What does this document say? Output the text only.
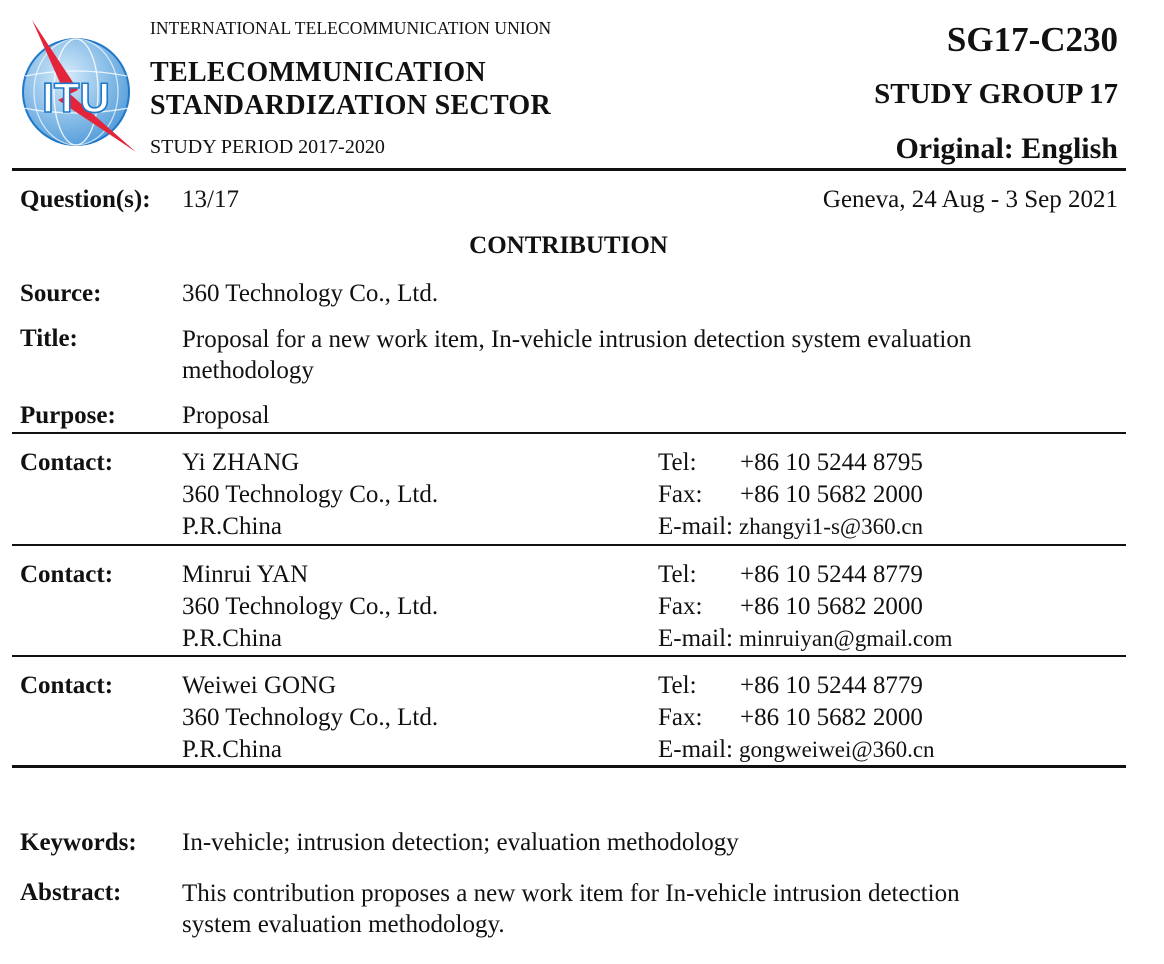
ITU
INTERNATIONAL TELECOMMUNICATION UNION
TELECOMMUNICATION
STANDARDIZATION SECTOR
STUDY PERIOD 2017-2020
SG17-C230
STUDY GROUP 17
Original: English
Question(s): 13/17	Geneva, 24 Aug - 3 Sep 2021
CONTRIBUTION
Source:	360 Technology Co., Ltd.
Title:	Proposal for a new work item, In-vehicle intrusion detection system evaluation
methodology
Purpose:	Proposal
Contact:	Yi ZHANG
360 Technology Co., Ltd.
P.R.China
Tel:	+86 10 5244 8795
Fax:	+86 10 5682 2000
E-mail: zhangyi1-s@360.cn
Contact:	Minrui YAN
360 Technology Co., Ltd.
P.R.China
Tel:	+86 10 5244 8779
Fax:	+86 10 5682 2000
E-mail: minruiyan@gmail.com
Contact:	Weiwei GONG
360 Technology Co., Ltd.
P.R.China
Tel:	+86 10 5244 8779
Fax:	+86 10 5682 2000
E-mail: gongweiwei@360.cn
Keywords: In-vehicle; intrusion detection; evaluation methodology
Abstract: This contribution proposes a new work item for In-vehicle intrusion detection
system evaluation methodology.
